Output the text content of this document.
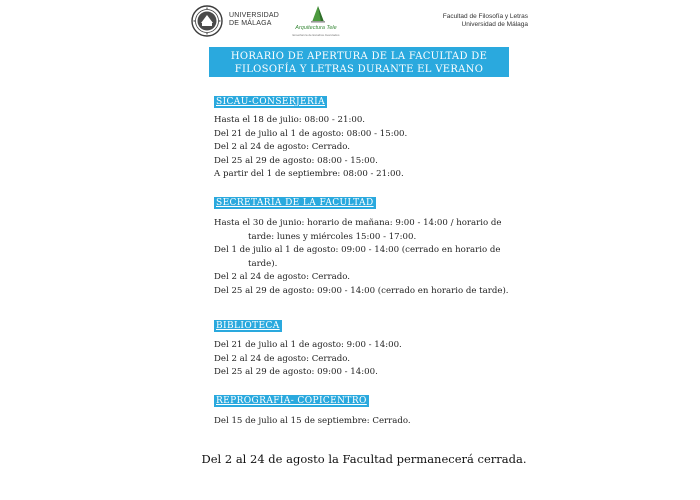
UNIVERSIDAD
DE MÁLAGA
Arquitectura Tele
Enseñanza de Estudios Avanzados
Facultad de Filosofía y Letras
Universidad de Málaga
HORARIO DE APERTURA DE LA FACULTAD DE
FILOSOFÍA Y LETRAS DURANTE EL VERANO
SICAU-CONSERJERÍA
Hasta el 18 de julio: 08:00 - 21:00.
Del 21 de julio al 1 de agosto: 08:00 - 15:00.
Del 2 al 24 de agosto: Cerrado.
Del 25 al 29 de agosto: 08:00 - 15:00.
A partir del 1 de septiembre: 08:00 - 21:00.
SECRETARÍA DE LA FACULTAD
Hasta el 30 de junio: horario de mañana: 9:00 - 14:00 / horario de
tarde: lunes y miércoles 15:00 - 17:00.
Del 1 de julio al 1 de agosto: 09:00 - 14:00 (cerrado en horario de
tarde).
Del 2 al 24 de agosto: Cerrado.
Del 25 al 29 de agosto: 09:00 - 14:00 (cerrado en horario de tarde).
BIBLIOTECA
Del 21 de julio al 1 de agosto: 9:00 - 14:00.
Del 2 al 24 de agosto: Cerrado.
Del 25 al 29 de agosto: 09:00 - 14:00.
REPROGRAFÍA- COPICENTRO
Del 15 de julio al 15 de septiembre: Cerrado.
Del 2 al 24 de agosto la Facultad permanecerá cerrada.
